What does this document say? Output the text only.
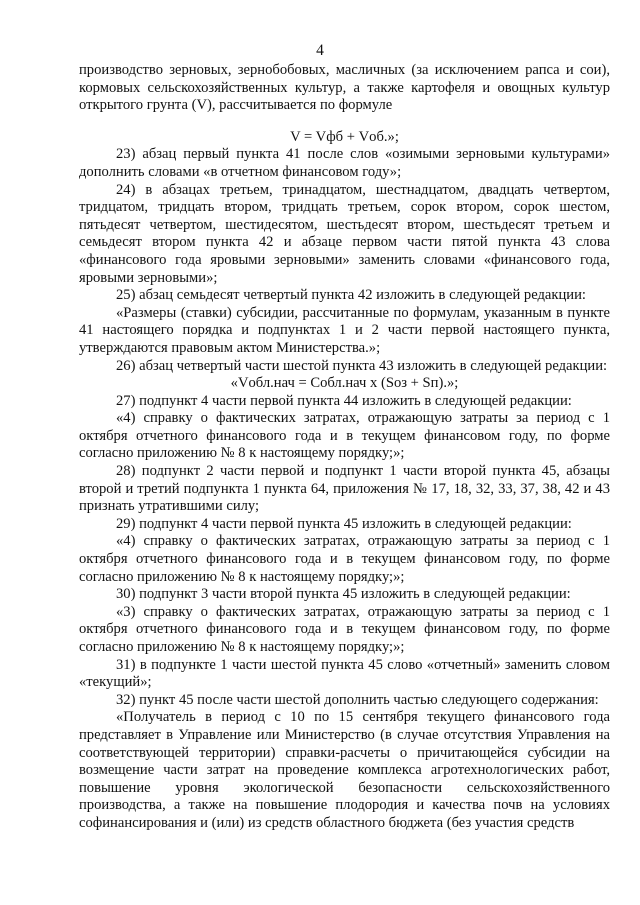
4

производство зерновых, зернобобовых, масличных (за исключением рапса и сои), кормовых сельскохозяйственных культур, а также картофеля и овощных культур открытого грунта (V), рассчитывается по формуле

V = Vфб + Vоб.»;

23) абзац первый пункта 41 после слов «озимыми зерновыми культурами» дополнить словами «в отчетном финансовом году»;

24) в абзацах третьем, тринадцатом, шестнадцатом, двадцать четвертом, тридцатом, тридцать втором, тридцать третьем, сорок втором, сорок шестом, пятьдесят четвертом, шестидесятом, шестьдесят втором, шестьдесят третьем и семьдесят втором пункта 42 и абзаце первом части пятой пункта 43 слова «финансового года яровыми зерновыми» заменить словами «финансового года, яровыми зерновыми»;

25) абзац семьдесят четвертый пункта 42 изложить в следующей редакции:

«Размеры (ставки) субсидии, рассчитанные по формулам, указанным в пункте 41 настоящего порядка и подпунктах 1 и 2 части первой настоящего пункта, утверждаются правовым актом Министерства.»;

26) абзац четвертый части шестой пункта 43 изложить в следующей редакции:

«Vобл.нач = Собл.нач x (Sоз + Sп).»;

27) подпункт 4 части первой пункта 44 изложить в следующей редакции:

«4) справку о фактических затратах, отражающую затраты за период с 1 октября отчетного финансового года и в текущем финансовом году, по форме согласно приложению № 8 к настоящему порядку;»;

28) подпункт 2 части первой и подпункт 1 части второй пункта 45, абзацы второй и третий подпункта 1 пункта 64, приложения № 17, 18, 32, 33, 37, 38, 42 и 43 признать утратившими силу;

29) подпункт 4 части первой пункта 45 изложить в следующей редакции:

«4) справку о фактических затратах, отражающую затраты за период с 1 октября отчетного финансового года и в текущем финансовом году, по форме согласно приложению № 8 к настоящему порядку;»;

30) подпункт 3 части второй пункта 45 изложить в следующей редакции:

«3) справку о фактических затратах, отражающую затраты за период с 1 октября отчетного финансового года и в текущем финансовом году, по форме согласно приложению № 8 к настоящему порядку;»;

31) в подпункте 1 части шестой пункта 45 слово «отчетный» заменить словом «текущий»;

32) пункт 45 после части шестой дополнить частью следующего содержания:

«Получатель в период с 10 по 15 сентября текущего финансового года представляет в Управление или Министерство (в случае отсутствия Управления на соответствующей территории) справки-расчеты о причитающейся субсидии на возмещение части затрат на проведение комплекса агротехнологических работ, повышение уровня экологической безопасности сельскохозяйственного производства, а также на повышение плодородия и качества почв на условиях софинансирования и (или) из средств областного бюджета (без участия средств
